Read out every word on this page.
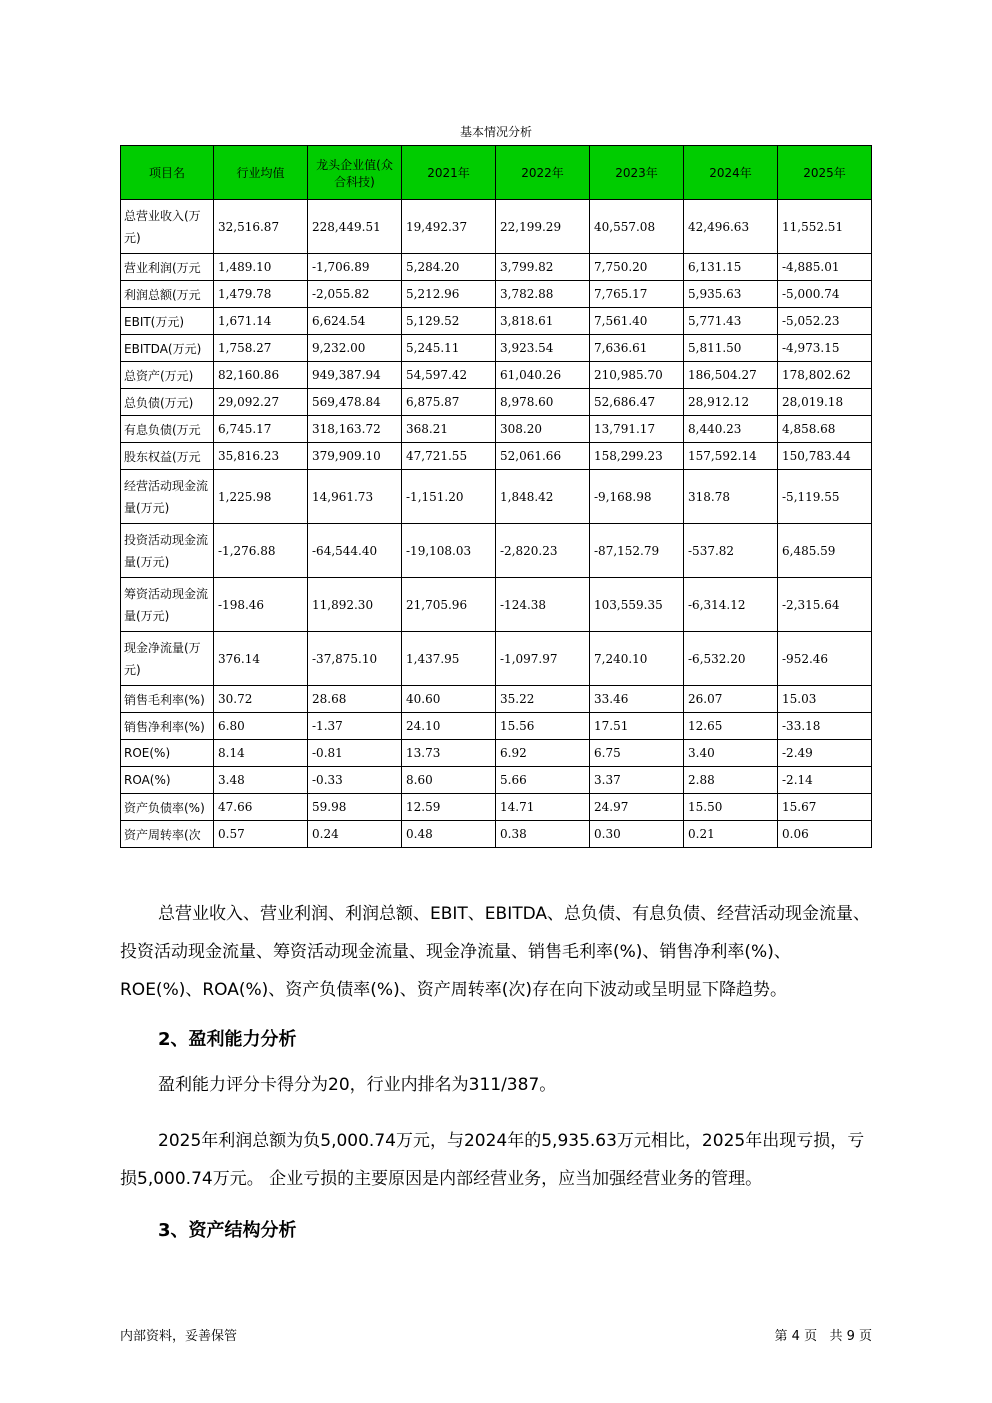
基本情况分析
项目名	行业均值	龙头企业值(众合科技)	2021年	2022年	2023年	2024年	2025年
总营业收入(万元)	32,516.87	228,449.51	19,492.37	22,199.29	40,557.08	42,496.63	11,552.51
营业利润(万元	1,489.10	-1,706.89	5,284.20	3,799.82	7,750.20	6,131.15	-4,885.01
利润总额(万元	1,479.78	-2,055.82	5,212.96	3,782.88	7,765.17	5,935.63	-5,000.74
EBIT(万元)	1,671.14	6,624.54	5,129.52	3,818.61	7,561.40	5,771.43	-5,052.23
EBITDA(万元)	1,758.27	9,232.00	5,245.11	3,923.54	7,636.61	5,811.50	-4,973.15
总资产(万元)	82,160.86	949,387.94	54,597.42	61,040.26	210,985.70	186,504.27	178,802.62
总负债(万元)	29,092.27	569,478.84	6,875.87	8,978.60	52,686.47	28,912.12	28,019.18
有息负债(万元	6,745.17	318,163.72	368.21	308.20	13,791.17	8,440.23	4,858.68
股东权益(万元	35,816.23	379,909.10	47,721.55	52,061.66	158,299.23	157,592.14	150,783.44
经营活动现金流量(万元)	1,225.98	14,961.73	-1,151.20	1,848.42	-9,168.98	318.78	-5,119.55
投资活动现金流量(万元)	-1,276.88	-64,544.40	-19,108.03	-2,820.23	-87,152.79	-537.82	6,485.59
筹资活动现金流量(万元)	-198.46	11,892.30	21,705.96	-124.38	103,559.35	-6,314.12	-2,315.64
现金净流量(万元)	376.14	-37,875.10	1,437.95	-1,097.97	7,240.10	-6,532.20	-952.46
销售毛利率(%)	30.72	28.68	40.60	35.22	33.46	26.07	15.03
销售净利率(%)	6.80	-1.37	24.10	15.56	17.51	12.65	-33.18
ROE(%)	8.14	-0.81	13.73	6.92	6.75	3.40	-2.49
ROA(%)	3.48	-0.33	8.60	5.66	3.37	2.88	-2.14
资产负债率(%)	47.66	59.98	12.59	14.71	24.97	15.50	15.67
资产周转率(次	0.57	0.24	0.48	0.38	0.30	0.21	0.06
总营业收入、营业利润、利润总额、EBIT、EBITDA、总负债、有息负债、经营活动现金流量、投资活动现金流量、筹资活动现金流量、现金净流量、销售毛利率(%)、销售净利率(%)、ROE(%)、ROA(%)、资产负债率(%)、资产周转率(次)存在向下波动或呈明显下降趋势。
2、盈利能力分析
盈利能力评分卡得分为20，行业内排名为311/387。
2025年利润总额为负5,000.74万元，与2024年的5,935.63万元相比，2025年出现亏损，亏损5,000.74万元。 企业亏损的主要原因是内部经营业务，应当加强经营业务的管理。
3、资产结构分析
内部资料，妥善保管	第 4 页   共 9 页
